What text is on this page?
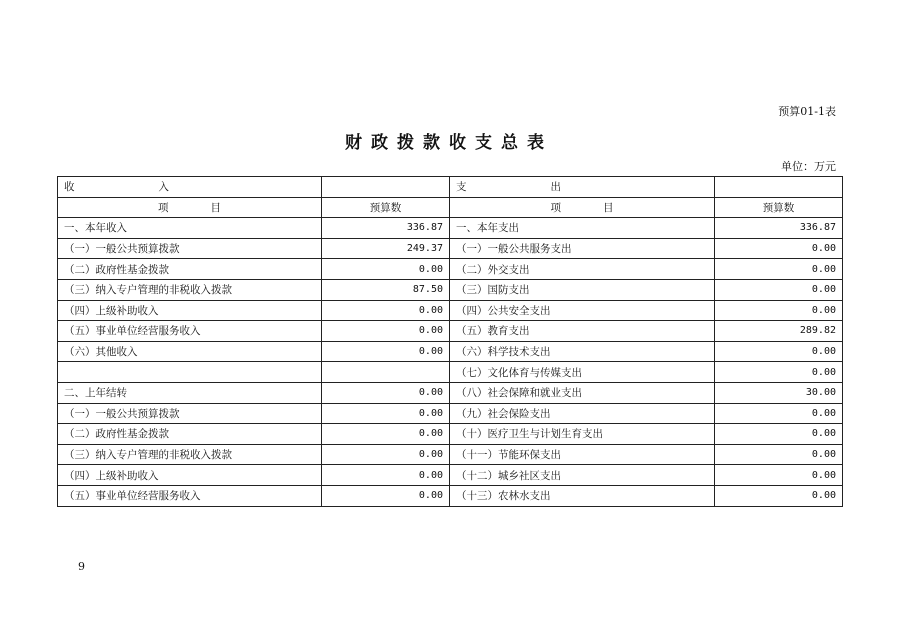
预算01-1表
财政拨款收支总表
单位：万元
收　　　　　　　　入		支　　　　　　　　出	
项　　　　目	预算数	项　　　　目	预算数
一、本年收入	336.87	一、本年支出	336.87
（一）一般公共预算拨款	249.37	（一）一般公共服务支出	0.00
（二）政府性基金拨款	0.00	（二）外交支出	0.00
（三）纳入专户管理的非税收入拨款	87.50	（三）国防支出	0.00
（四）上级补助收入	0.00	（四）公共安全支出	0.00
（五）事业单位经营服务收入	0.00	（五）教育支出	289.82
（六）其他收入	0.00	（六）科学技术支出	0.00
		（七）文化体育与传媒支出	0.00
二、上年结转	0.00	（八）社会保障和就业支出	30.00
（一）一般公共预算拨款	0.00	（九）社会保险支出	0.00
（二）政府性基金拨款	0.00	（十）医疗卫生与计划生育支出	0.00
（三）纳入专户管理的非税收入拨款	0.00	（十一）节能环保支出	0.00
（四）上级补助收入	0.00	（十二）城乡社区支出	0.00
（五）事业单位经营服务收入	0.00	（十三）农林水支出	0.00
9
